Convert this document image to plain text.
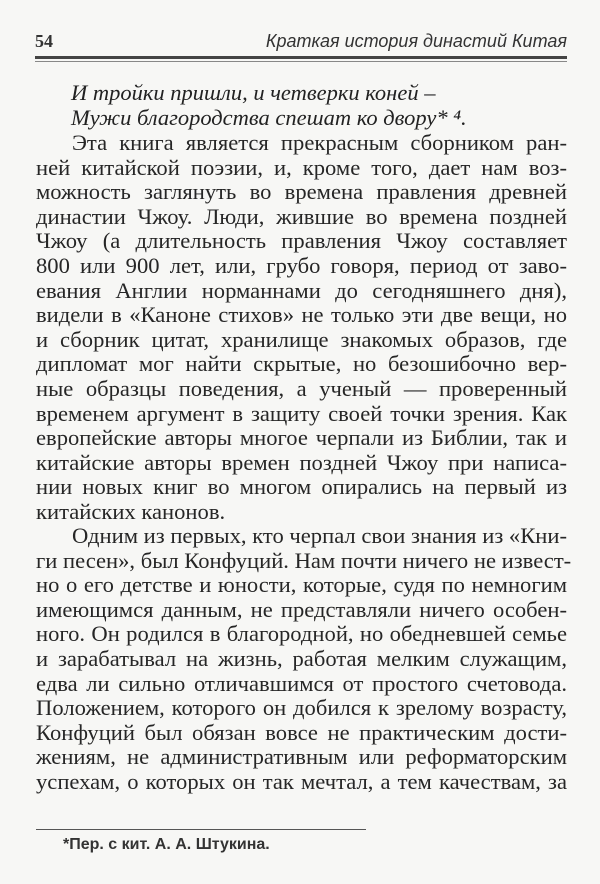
54	Краткая история династий Китая
И тройки пришли, и четверки коней –
Мужи благородства спешат ко двору* ⁴.
Эта книга является прекрасным сборником ран-
ней китайской поэзии, и, кроме того, дает нам воз-
можность заглянуть во времена правления древней
династии Чжоу. Люди, жившие во времена поздней
Чжоу (а длительность правления Чжоу составляет
800 или 900 лет, или, грубо говоря, период от заво-
евания Англии норманнами до сегодняшнего дня),
видели в «Каноне стихов» не только эти две вещи, но
и сборник цитат, хранилище знакомых образов, где
дипломат мог найти скрытые, но безошибочно вер-
ные образцы поведения, а ученый — проверенный
временем аргумент в защиту своей точки зрения. Как
европейские авторы многое черпали из Библии, так и
китайские авторы времен поздней Чжоу при написа-
нии новых книг во многом опирались на первый из
китайских канонов.
Одним из первых, кто черпал свои знания из «Кни-
ги песен», был Конфуций. Нам почти ничего не извест-
но о его детстве и юности, которые, судя по немногим
имеющимся данным, не представляли ничего особен-
ного. Он родился в благородной, но обедневшей семье
и зарабатывал на жизнь, работая мелким служащим,
едва ли сильно отличавшимся от простого счетовода.
Положением, которого он добился к зрелому возрасту,
Конфуций был обязан вовсе не практическим дости-
жениям, не административным или реформаторским
успехам, о которых он так мечтал, а тем качествам, за
*Пер. с кит. А. А. Штукина.
